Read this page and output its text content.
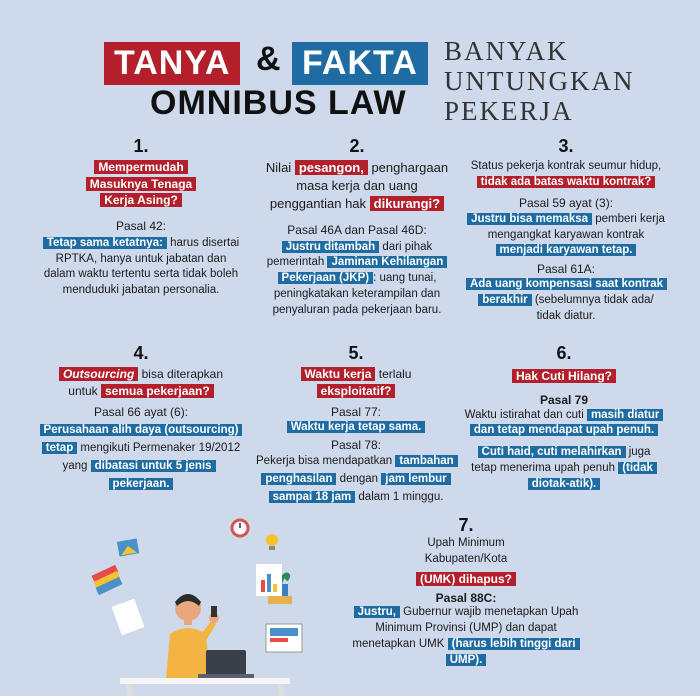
TANYA & FAKTA
OMNIBUS LAW
BANYAK
UNTUNGKAN
PEKERJA
1.
Mempermudah
Masuknya Tenaga
Kerja Asing?
Pasal 42:
Tetap sama ketatnya: harus disertai RPTKA, hanya untuk jabatan dan dalam waktu tertentu serta tidak boleh menduduki jabatan personalia.
2.
Nilai pesangon, penghargaan masa kerja dan uang penggantian hak dikurangi?
Pasal 46A dan Pasal 46D:
Justru ditambah dari pihak pemerintah Jaminan Kehilangan Pekerjaan (JKP) : uang tunai, peningkatakan keterampilan dan penyaluran pada pekerjaan baru.
3.
Status pekerja kontrak seumur hidup, tidak ada batas waktu kontrak?
Pasal 59 ayat (3):
Justru bisa memaksa pemberi kerja mengangkat karyawan kontrak menjadi karyawan tetap.
Pasal 61A:
Ada uang kompensasi saat kontrak berakhir (sebelumnya tidak ada/ tidak diatur.
4.
Outsourcing bisa diterapkan untuk semua pekerjaan?
Pasal 66 ayat (6):
Perusahaan alih daya (outsourcing) tetap mengikuti Permenaker 19/2012 yang dibatasi untuk 5 jenis pekerjaan.
5.
Waktu kerja terlalu eksploitatif?
Pasal 77:
Waktu kerja tetap sama.
Pasal 78:
Pekerja bisa mendapatkan tambahan penghasilan dengan jam lembur sampai 18 jam dalam 1 minggu.
6.
Hak Cuti Hilang?
Pasal 79
Waktu istirahat dan cuti masih diatur dan tetap mendapat upah penuh.
Cuti haid, cuti melahirkan juga tetap menerima upah penuh (tidak diotak-atik).
7.
Upah Minimum Kabupaten/Kota
(UMK) dihapus?
Pasal 88C:
Justru, Gubernur wajib menetapkan Upah Minimum Provinsi (UMP) dan dapat menetapkan UMK (harus lebih tinggi dari UMP).
